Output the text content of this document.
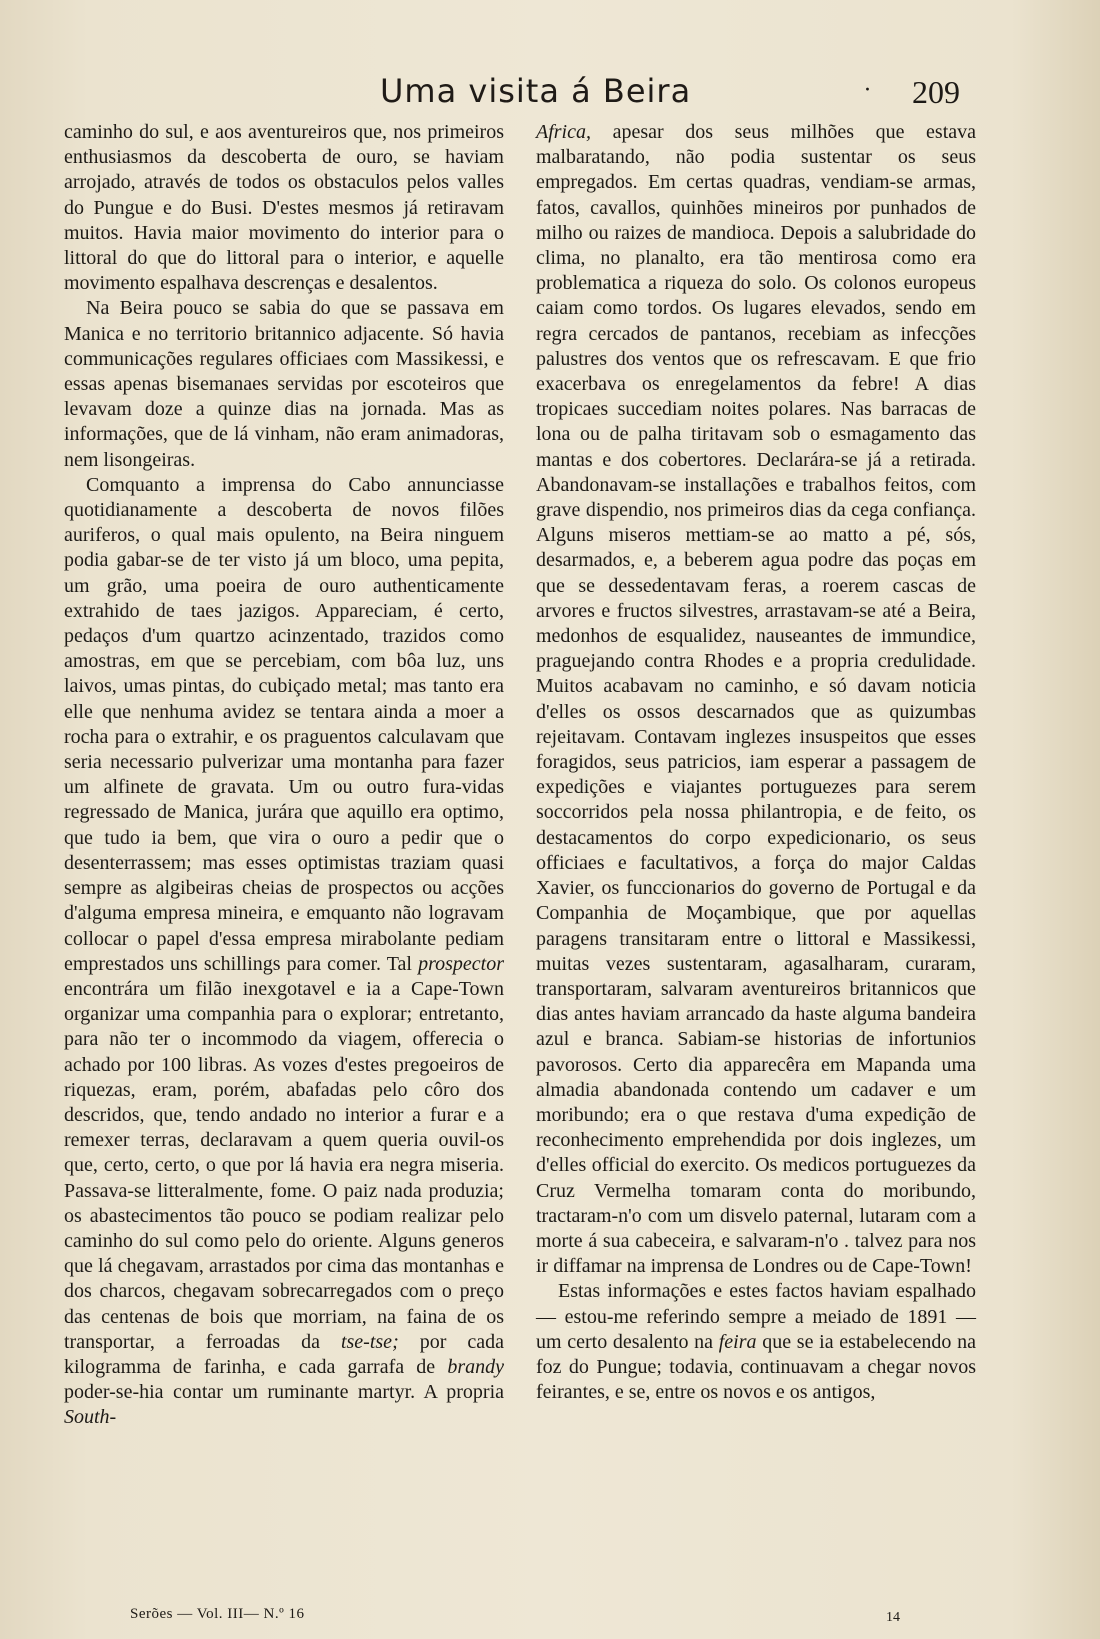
Uma visita á Beira	· 209

caminho do sul, e aos aventureiros que, nos primeiros enthusiasmos da descoberta de ouro, se haviam arrojado, através de todos os obstaculos pelos valles do Pungue e do Busi. D'estes mesmos já retiravam muitos. Havia maior movimento do interior para o littoral do que do littoral para o interior, e aquelle movimento espalhava descrenças e desalentos.

Na Beira pouco se sabia do que se passava em Manica e no territorio britannico adjacente. Só havia communicações regulares officiaes com Massikessi, e essas apenas bisemanaes servidas por escoteiros que levavam doze a quinze dias na jornada. Mas as informações, que de lá vinham, não eram animadoras, nem lisongeiras.

Comquanto a imprensa do Cabo annunciasse quotidianamente a descoberta de novos filões auriferos, o qual mais opulento, na Beira ninguem podia gabar-se de ter visto já um bloco, uma pepita, um grão, uma poeira de ouro authenticamente extrahido de taes jazigos. Appareciam, é certo, pedaços d'um quartzo acinzentado, trazidos como amostras, em que se percebiam, com bôa luz, uns laivos, umas pintas, do cubiçado metal; mas tanto era elle que nenhuma avidez se tentara ainda a moer a rocha para o extrahir, e os praguentos calculavam que seria necessario pulverizar uma montanha para fazer um alfinete de gravata. Um ou outro fura-vidas regressado de Manica, jurára que aquillo era optimo, que tudo ia bem, que vira o ouro a pedir que o desenterrassem; mas esses optimistas traziam quasi sempre as algibeiras cheias de prospectos ou acções d'alguma empresa mineira, e emquanto não logravam collocar o papel d'essa empresa mirabolante pediam emprestados uns schillings para comer. Tal prospector encontrára um filão inexgotavel e ia a Cape-Town organizar uma companhia para o explorar; entretanto, para não ter o incommodo da viagem, offerecia o achado por 100 libras. As vozes d'estes pregoeiros de riquezas, eram, porém, abafadas pelo côro dos descridos, que, tendo andado no interior a furar e a remexer terras, declaravam a quem queria ouvil-os que, certo, certo, o que por lá havia era negra miseria. Passava-se litteralmente, fome. O paiz nada produzia; os abastecimentos tão pouco se podiam realizar pelo caminho do sul como pelo do oriente. Alguns generos que lá chegavam, arrastados por cima das montanhas e dos charcos, chegavam sobrecarregados com o preço das centenas de bois que morriam, na faina de os transportar, a ferroadas da tse-tse; por cada kilogramma de farinha, e cada garrafa de brandy poder-se-hia contar um ruminante martyr. A propria South-

Africa, apesar dos seus milhões que estava malbaratando, não podia sustentar os seus empregados. Em certas quadras, vendiam-se armas, fatos, cavallos, quinhões mineiros por punhados de milho ou raizes de mandioca. Depois a salubridade do clima, no planalto, era tão mentirosa como era problematica a riqueza do solo. Os colonos europeus caiam como tordos. Os lugares elevados, sendo em regra cercados de pantanos, recebiam as infecções palustres dos ventos que os refrescavam. E que frio exacerbava os enregelamentos da febre! A dias tropicaes succediam noites polares. Nas barracas de lona ou de palha tiritavam sob o esmagamento das mantas e dos cobertores. Declarára-se já a retirada. Abandonavam-se installações e trabalhos feitos, com grave dispendio, nos primeiros dias da cega confiança. Alguns miseros mettiam-se ao matto a pé, sós, desarmados, e, a beberem agua podre das poças em que se dessedentavam feras, a roerem cascas de arvores e fructos silvestres, arrastavam-se até a Beira, medonhos de esqualidez, nauseantes de immundice, praguejando contra Rhodes e a propria credulidade. Muitos acabavam no caminho, e só davam noticia d'elles os ossos descarnados que as quizumbas rejeitavam. Contavam inglezes insuspeitos que esses foragidos, seus patricios, iam esperar a passagem de expedições e viajantes portuguezes para serem soccorridos pela nossa philantropia, e de feito, os destacamentos do corpo expedicionario, os seus officiaes e facultativos, a força do major Caldas Xavier, os funccionarios do governo de Portugal e da Companhia de Moçambique, que por aquellas paragens transitaram entre o littoral e Massikessi, muitas vezes sustentaram, agasalharam, curaram, transportaram, salvaram aventureiros britannicos que dias antes haviam arrancado da haste alguma bandeira azul e branca. Sabiam-se historias de infortunios pavorosos. Certo dia apparecêra em Mapanda uma almadia abandonada contendo um cadaver e um moribundo; era o que restava d'uma expedição de reconhecimento emprehendida por dois inglezes, um d'elles official do exercito. Os medicos portuguezes da Cruz Vermelha tomaram conta do moribundo, tractaram-n'o com um disvelo paternal, lutaram com a morte á sua cabeceira, e salvaram-n'o . talvez para nos ir diffamar na imprensa de Londres ou de Cape-Town!

Estas informações e estes factos haviam espalhado — estou-me referindo sempre a meiado de 1891 — um certo desalento na feira que se ia estabelecendo na foz do Pungue; todavia, continuavam a chegar novos feirantes, e se, entre os novos e os antigos,

Serões — Vol. III— N.º 16	14
